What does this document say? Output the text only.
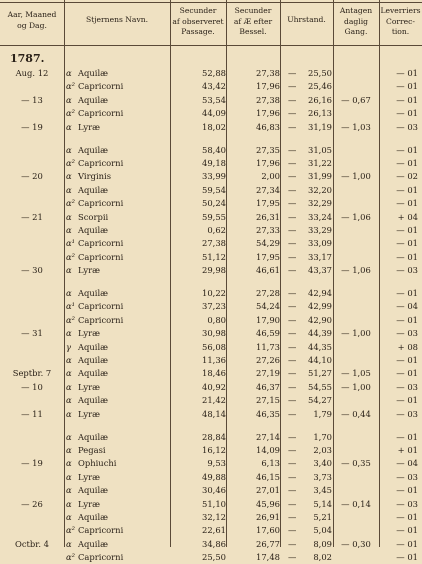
Aar, Maaned
og Dag.
Stjernens Navn.
Secunder
af observeret
Passage.
Secunder
af Æ efter
Bessel.
Uhrstand.
Antagen
daglig
Gang.
Leverriers
Correc-
tion.
1787.
Aug. 12	α Aquilæ	52,88	27,38 —	25,50	— 01
α² Capricorni	43,42	17,96 —	25,46	— 01
— 13	α Aquilæ	53,54	27,38 —	26,16	— 0,67	— 01
α² Capricorni	44,09	17,96 —	26,13	— 01
— 19	α Lyræ	18,02	46,83 —	31,19	— 1,03	— 03
α Aquilæ	58,40	27,35 —	31,05	— 01
α² Capricorni	49,18	17,96 —	31,22	— 01
— 20	α Virginis	33,99	2,00 —	31,99	— 1,00	— 02
α Aquilæ	59,54	27,34 —	32,20	— 01
α² Capricorni	50,24	17,95 —	32,29	— 01
— 21	α Scorpii	59,55	26,31 —	33,24	— 1,06	+ 04
α Aquilæ	0,62	27,33 —	33,29	— 01
α¹ Capricorni	27,38	54,29 —	33,09	— 01
α² Capricorni	51,12	17,95 —	33,17	— 01
— 30	α Lyræ	29,98	46,61 —	43,37	— 1,06	— 03
α Aquilæ	10,22	27,28 —	42,94	— 01
α¹ Capricorni	37,23	54,24 —	42,99	— 04
α² Capricorni	0,80	17,90 —	42,90	— 01
— 31	α Lyræ	30,98	46,59 —	44,39	— 1,00	— 03
γ Aquilæ	56,08	11,73 —	44,35	+ 08
α Aquilæ	11,36	27,26 —	44,10	— 01
Septbr. 7	α Aquilæ	18,46	27,19 —	51,27	— 1,05	— 01
— 10	α Lyræ	40,92	46,37 —	54,55	— 1,00	— 03
α Aquilæ	21,42	27,15 —	54,27	— 01
— 11	α Lyræ	48,14	46,35 —	1,79	— 0,44	— 03
α Aquilæ	28,84	27,14 —	1,70	— 01
α Pegasi	16,12	14,09 —	2,03	+ 01
— 19	α Ophiuchi	9,53	6,13 —	3,40	— 0,35	— 04
α Lyræ	49,88	46,15 —	3,73	— 03
α Aquilæ	30,46	27,01 —	3,45	— 01
— 26	α Lyræ	51,10	45,96 —	5,14	— 0,14	— 03
α Aquilæ	32,12	26,91 —	5,21	— 01
α² Capricorni	22,61	17,60 —	5,04	— 01
Octbr. 4	α Aquilæ	34,86	26,77 —	8,09	— 0,30	— 01
α² Capricorni	25,50	17,48 —	8,02	— 01
